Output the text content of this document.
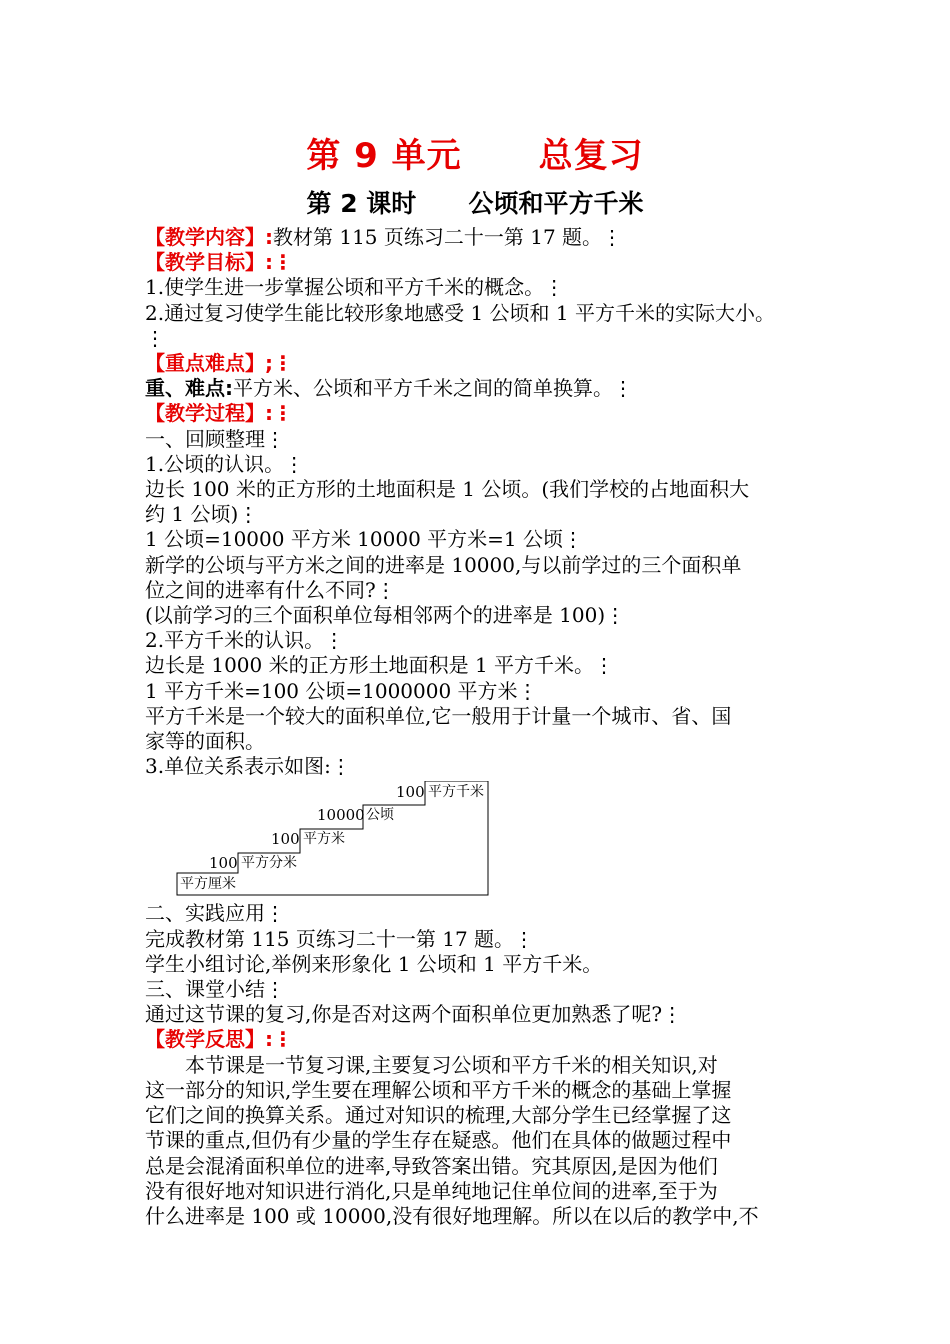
第 9 单元      总复习
第 2 课时      公顷和平方千米
【教学内容】:教材第 115 页练习二十一第 17 题。⋮
【教学目标】:⋮
1.使学生进一步掌握公顷和平方千米的概念。⋮
2.通过复习使学生能比较形象地感受 1 公顷和 1 平方千米的实际大小。
⋮
【重点难点】;⋮
重、难点:平方米、公顷和平方千米之间的简单换算。⋮
【教学过程】:⋮
一、回顾整理⋮
1.公顷的认识。⋮
边长 100 米的正方形的土地面积是 1 公顷。(我们学校的占地面积大
约 1 公顷)⋮
1 公顷=10000 平方米 10000 平方米=1 公顷⋮
新学的公顷与平方米之间的进率是 10000,与以前学过的三个面积单
位之间的进率有什么不同?⋮
(以前学习的三个面积单位每相邻两个的进率是 100)⋮
2.平方千米的认识。⋮
边长是 1000 米的正方形土地面积是 1 平方千米。⋮
1 平方千米=100 公顷=1000000 平方米⋮
平方千米是一个较大的面积单位,它一般用于计量一个城市、省、国
家等的面积。
3.单位关系表示如图:⋮
平方厘米
100 平方分米
100 平方米
10000 公顷
100 平方千米
二、实践应用⋮
完成教材第 115 页练习二十一第 17 题。⋮
学生小组讨论,举例来形象化 1 公顷和 1 平方千米。
三、课堂小结⋮
通过这节课的复习,你是否对这两个面积单位更加熟悉了呢?⋮
【教学反思】:⋮
本节课是一节复习课,主要复习公顷和平方千米的相关知识,对
这一部分的知识,学生要在理解公顷和平方千米的概念的基础上掌握
它们之间的换算关系。通过对知识的梳理,大部分学生已经掌握了这
节课的重点,但仍有少量的学生存在疑惑。他们在具体的做题过程中
总是会混淆面积单位的进率,导致答案出错。究其原因,是因为他们
没有很好地对知识进行消化,只是单纯地记住单位间的进率,至于为
什么进率是 100 或 10000,没有很好地理解。所以在以后的教学中,不
